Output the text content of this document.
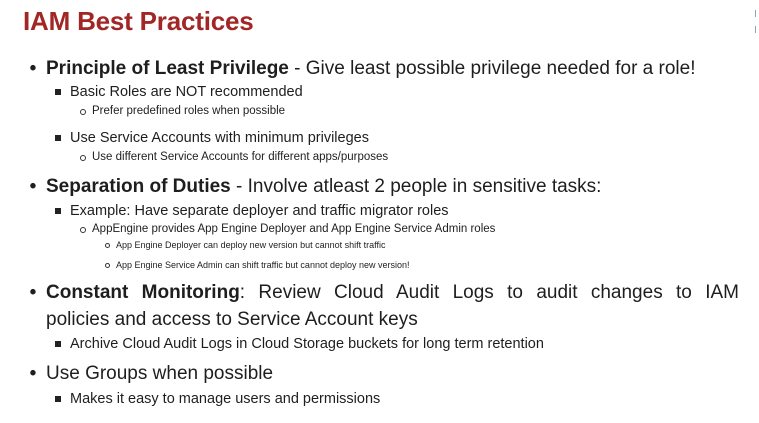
IAM Best Practices
• Principle of Least Privilege - Give least possible privilege needed for a role!
Basic Roles are NOT recommended
Prefer predefined roles when possible
Use Service Accounts with minimum privileges
Use different Service Accounts for different apps/purposes
• Separation of Duties - Involve atleast 2 people in sensitive tasks:
Example: Have separate deployer and traffic migrator roles
AppEngine provides App Engine Deployer and App Engine Service Admin roles
App Engine Deployer can deploy new version but cannot shift traffic
App Engine Service Admin can shift traffic but cannot deploy new version!
• Constant Monitoring: Review Cloud Audit Logs to audit changes to IAM
policies and access to Service Account keys
Archive Cloud Audit Logs in Cloud Storage buckets for long term retention
• Use Groups when possible
Makes it easy to manage users and permissions
